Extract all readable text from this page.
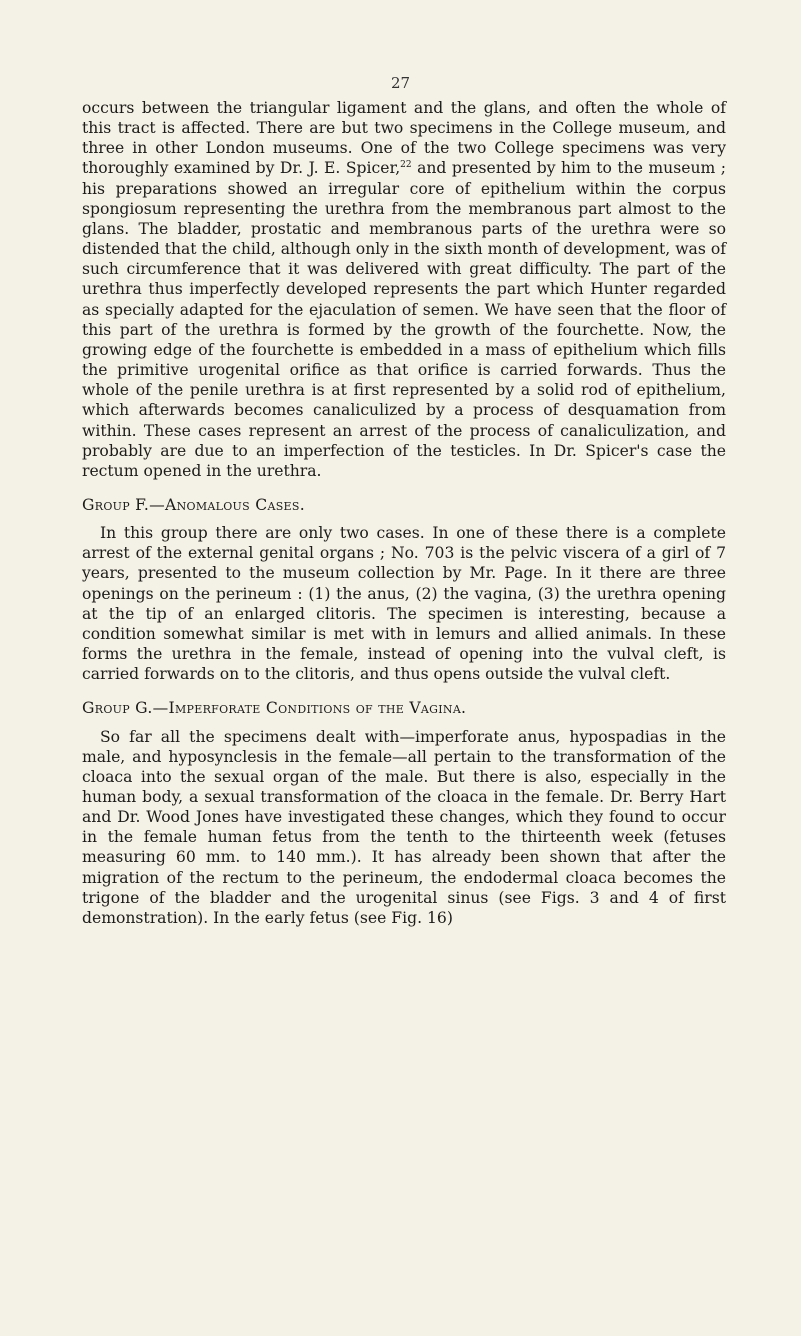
27

occurs between the triangular ligament and the glans, and often the whole of this tract is affected. There are but two specimens in the College museum, and three in other London museums. One of the two College specimens was very thoroughly examined by Dr. J. E. Spicer,$^{22}$ and presented by him to the museum ; his preparations showed an irregular core of epithelium within the corpus spongiosum representing the urethra from the membranous part almost to the glans. The bladder, prostatic and membranous parts of the urethra were so distended that the child, although only in the sixth month of development, was of such circumference that it was delivered with great difficulty. The part of the urethra thus imperfectly developed represents the part which Hunter regarded as specially adapted for the ejaculation of semen. We have seen that the floor of this part of the urethra is formed by the growth of the fourchette. Now, the growing edge of the fourchette is embedded in a mass of epithelium which fills the primitive urogenital orifice as that orifice is carried forwards. Thus the whole of the penile urethra is at first represented by a solid rod of epithelium, which afterwards becomes canaliculized by a process of desquamation from within. These cases represent an arrest of the process of canaliculization, and probably are due to an imperfection of the testicles. In Dr. Spicer's case the rectum opened in the urethra.

Group F.—Anomalous Cases.

In this group there are only two cases. In one of these there is a complete arrest of the external genital organs ; No. 703 is the pelvic viscera of a girl of 7 years, presented to the museum collection by Mr. Page. In it there are three openings on the perineum : (1) the anus, (2) the vagina, (3) the urethra opening at the tip of an enlarged clitoris. The specimen is interesting, because a condition somewhat similar is met with in lemurs and allied animals. In these forms the urethra in the female, instead of opening into the vulval cleft, is carried forwards on to the clitoris, and thus opens outside the vulval cleft.

Group G.—Imperforate Conditions of the Vagina.

So far all the specimens dealt with—imperforate anus, hypospadias in the male, and hyposynclesis in the female—all pertain to the transformation of the cloaca into the sexual organ of the male. But there is also, especially in the human body, a sexual transformation of the cloaca in the female. Dr. Berry Hart and Dr. Wood Jones have investigated these changes, which they found to occur in the female human fetus from the tenth to the thirteenth week (fetuses measuring 60 mm. to 140 mm.). It has already been shown that after the migration of the rectum to the perineum, the endodermal cloaca becomes the trigone of the bladder and the urogenital sinus (see Figs. 3 and 4 of first demonstration). In the early fetus (see Fig. 16)
